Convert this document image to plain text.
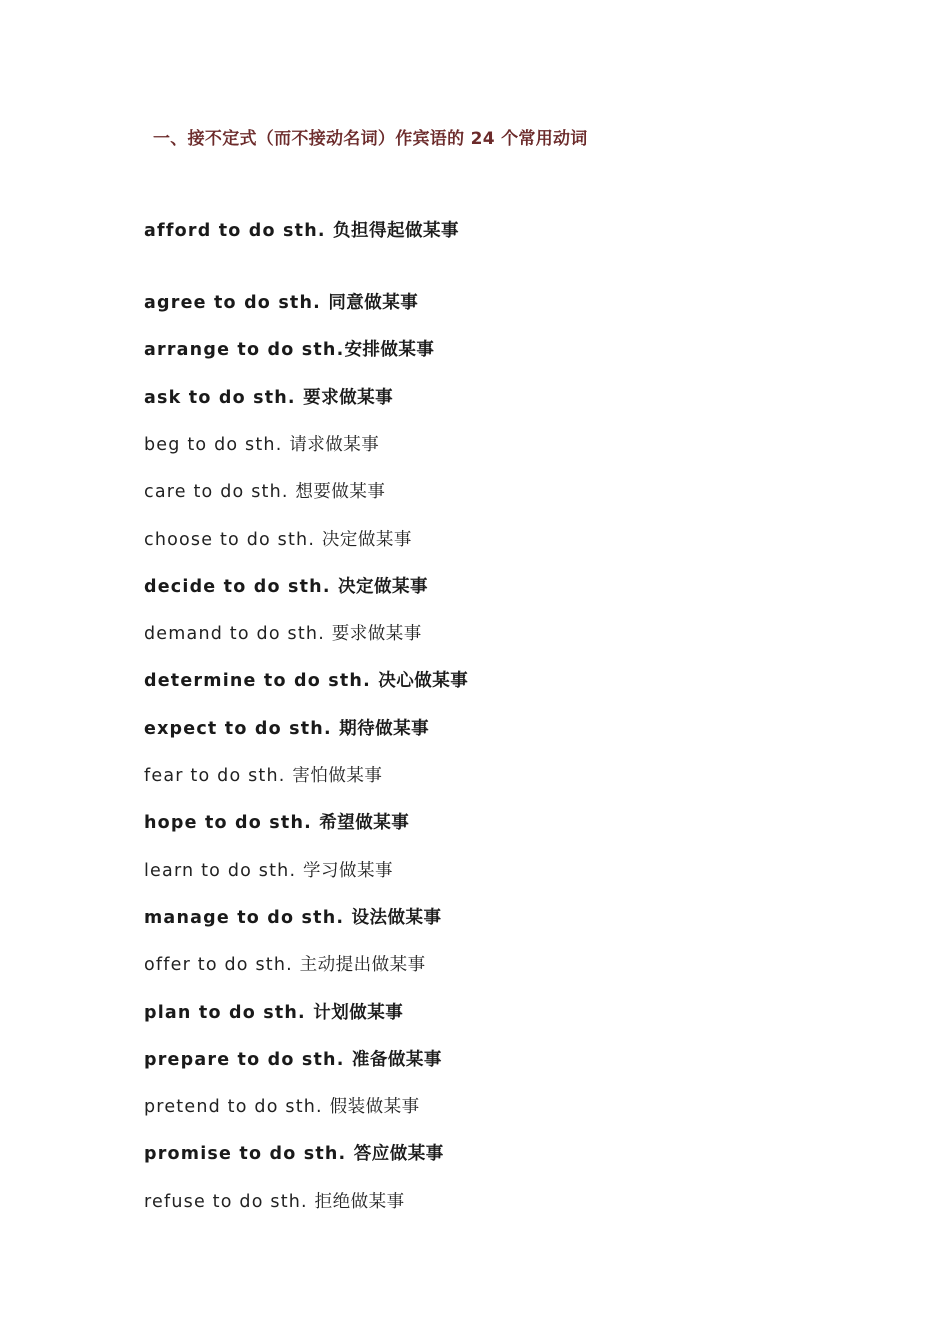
一、接不定式（而不接动名词）作宾语的 24 个常用动词
afford to do sth. 负担得起做某事
agree to do sth. 同意做某事
arrange to do sth.安排做某事
ask to do sth. 要求做某事
beg to do sth. 请求做某事
care to do sth. 想要做某事
choose to do sth. 决定做某事
decide to do sth. 决定做某事
demand to do sth. 要求做某事
determine to do sth. 决心做某事
expect to do sth. 期待做某事
fear to do sth. 害怕做某事
hope to do sth. 希望做某事
learn to do sth. 学习做某事
manage to do sth. 设法做某事
offer to do sth. 主动提出做某事
plan to do sth. 计划做某事
prepare to do sth. 准备做某事
pretend to do sth. 假装做某事
promise to do sth. 答应做某事
refuse to do sth. 拒绝做某事
